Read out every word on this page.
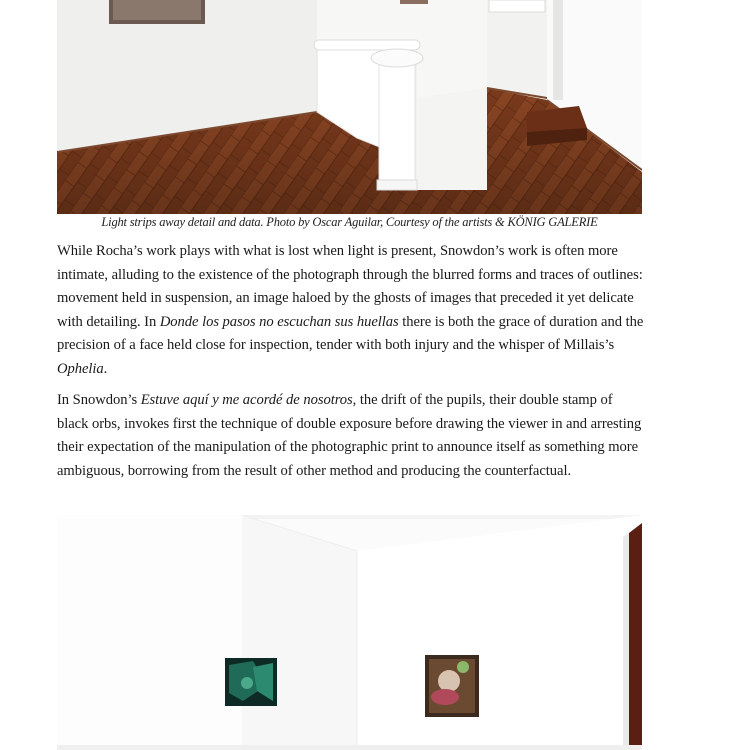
Light strips away detail and data. Photo by Oscar Aguilar, Courtesy of the artists & KÖNIG GALERIE

While Rocha’s work plays with what is lost when light is present, Snowdon’s work is often more intimate, alluding to the existence of the photograph through the blurred forms and traces of outlines: movement held in suspension, an image haloed by the ghosts of images that preceded it yet delicate with detailing. In Donde los pasos no escuchan sus huellas there is both the grace of duration and the precision of a face held close for inspection, tender with both injury and the whisper of Millais’s Ophelia.

In Snowdon’s Estuve aquí y me acordé de nosotros, the drift of the pupils, their double stamp of black orbs, invokes first the technique of double exposure before drawing the viewer in and arresting their expectation of the manipulation of the photographic print to announce itself as something more ambiguous, borrowing from the result of other method and producing the counterfactual.
